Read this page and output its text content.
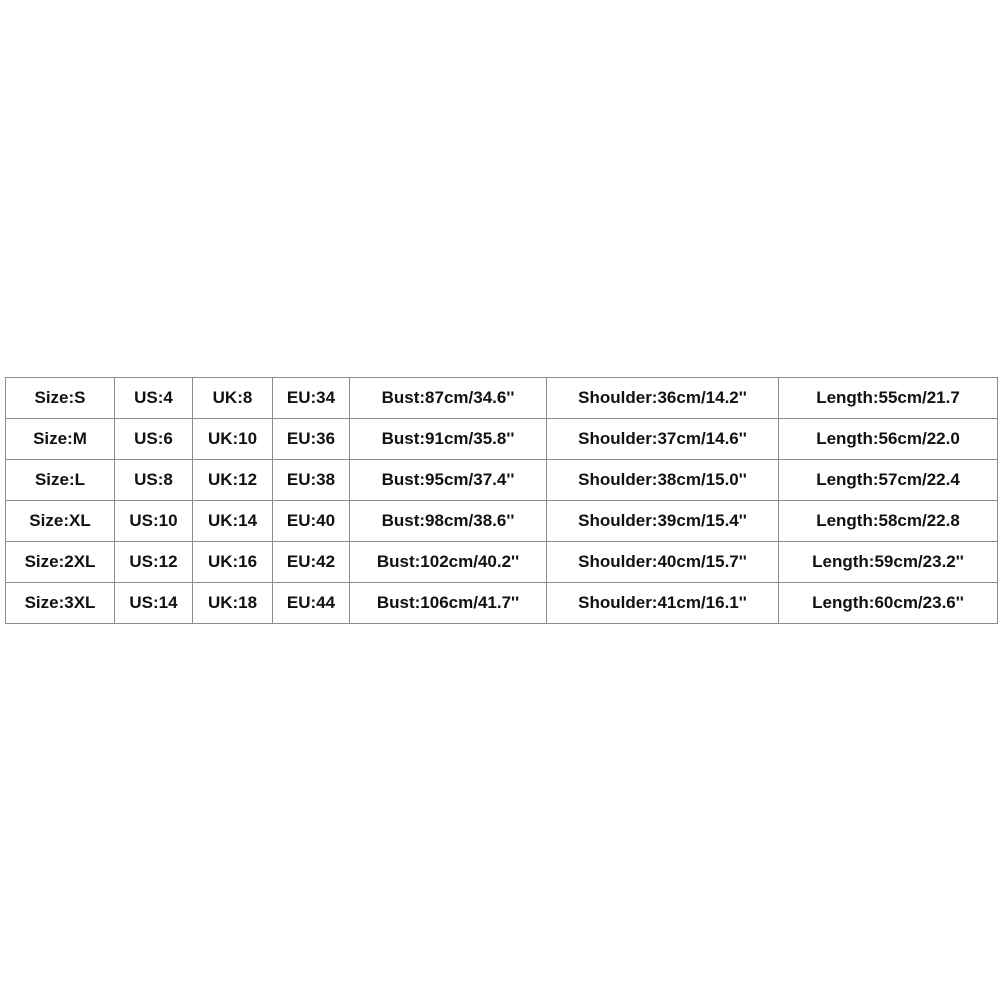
Size:S	US:4	UK:8	EU:34	Bust:87cm/34.6''	Shoulder:36cm/14.2''	Length:55cm/21.7
Size:M	US:6	UK:10	EU:36	Bust:91cm/35.8''	Shoulder:37cm/14.6''	Length:56cm/22.0
Size:L	US:8	UK:12	EU:38	Bust:95cm/37.4''	Shoulder:38cm/15.0''	Length:57cm/22.4
Size:XL	US:10	UK:14	EU:40	Bust:98cm/38.6''	Shoulder:39cm/15.4''	Length:58cm/22.8
Size:2XL	US:12	UK:16	EU:42	Bust:102cm/40.2''	Shoulder:40cm/15.7''	Length:59cm/23.2''
Size:3XL	US:14	UK:18	EU:44	Bust:106cm/41.7''	Shoulder:41cm/16.1''	Length:60cm/23.6''
